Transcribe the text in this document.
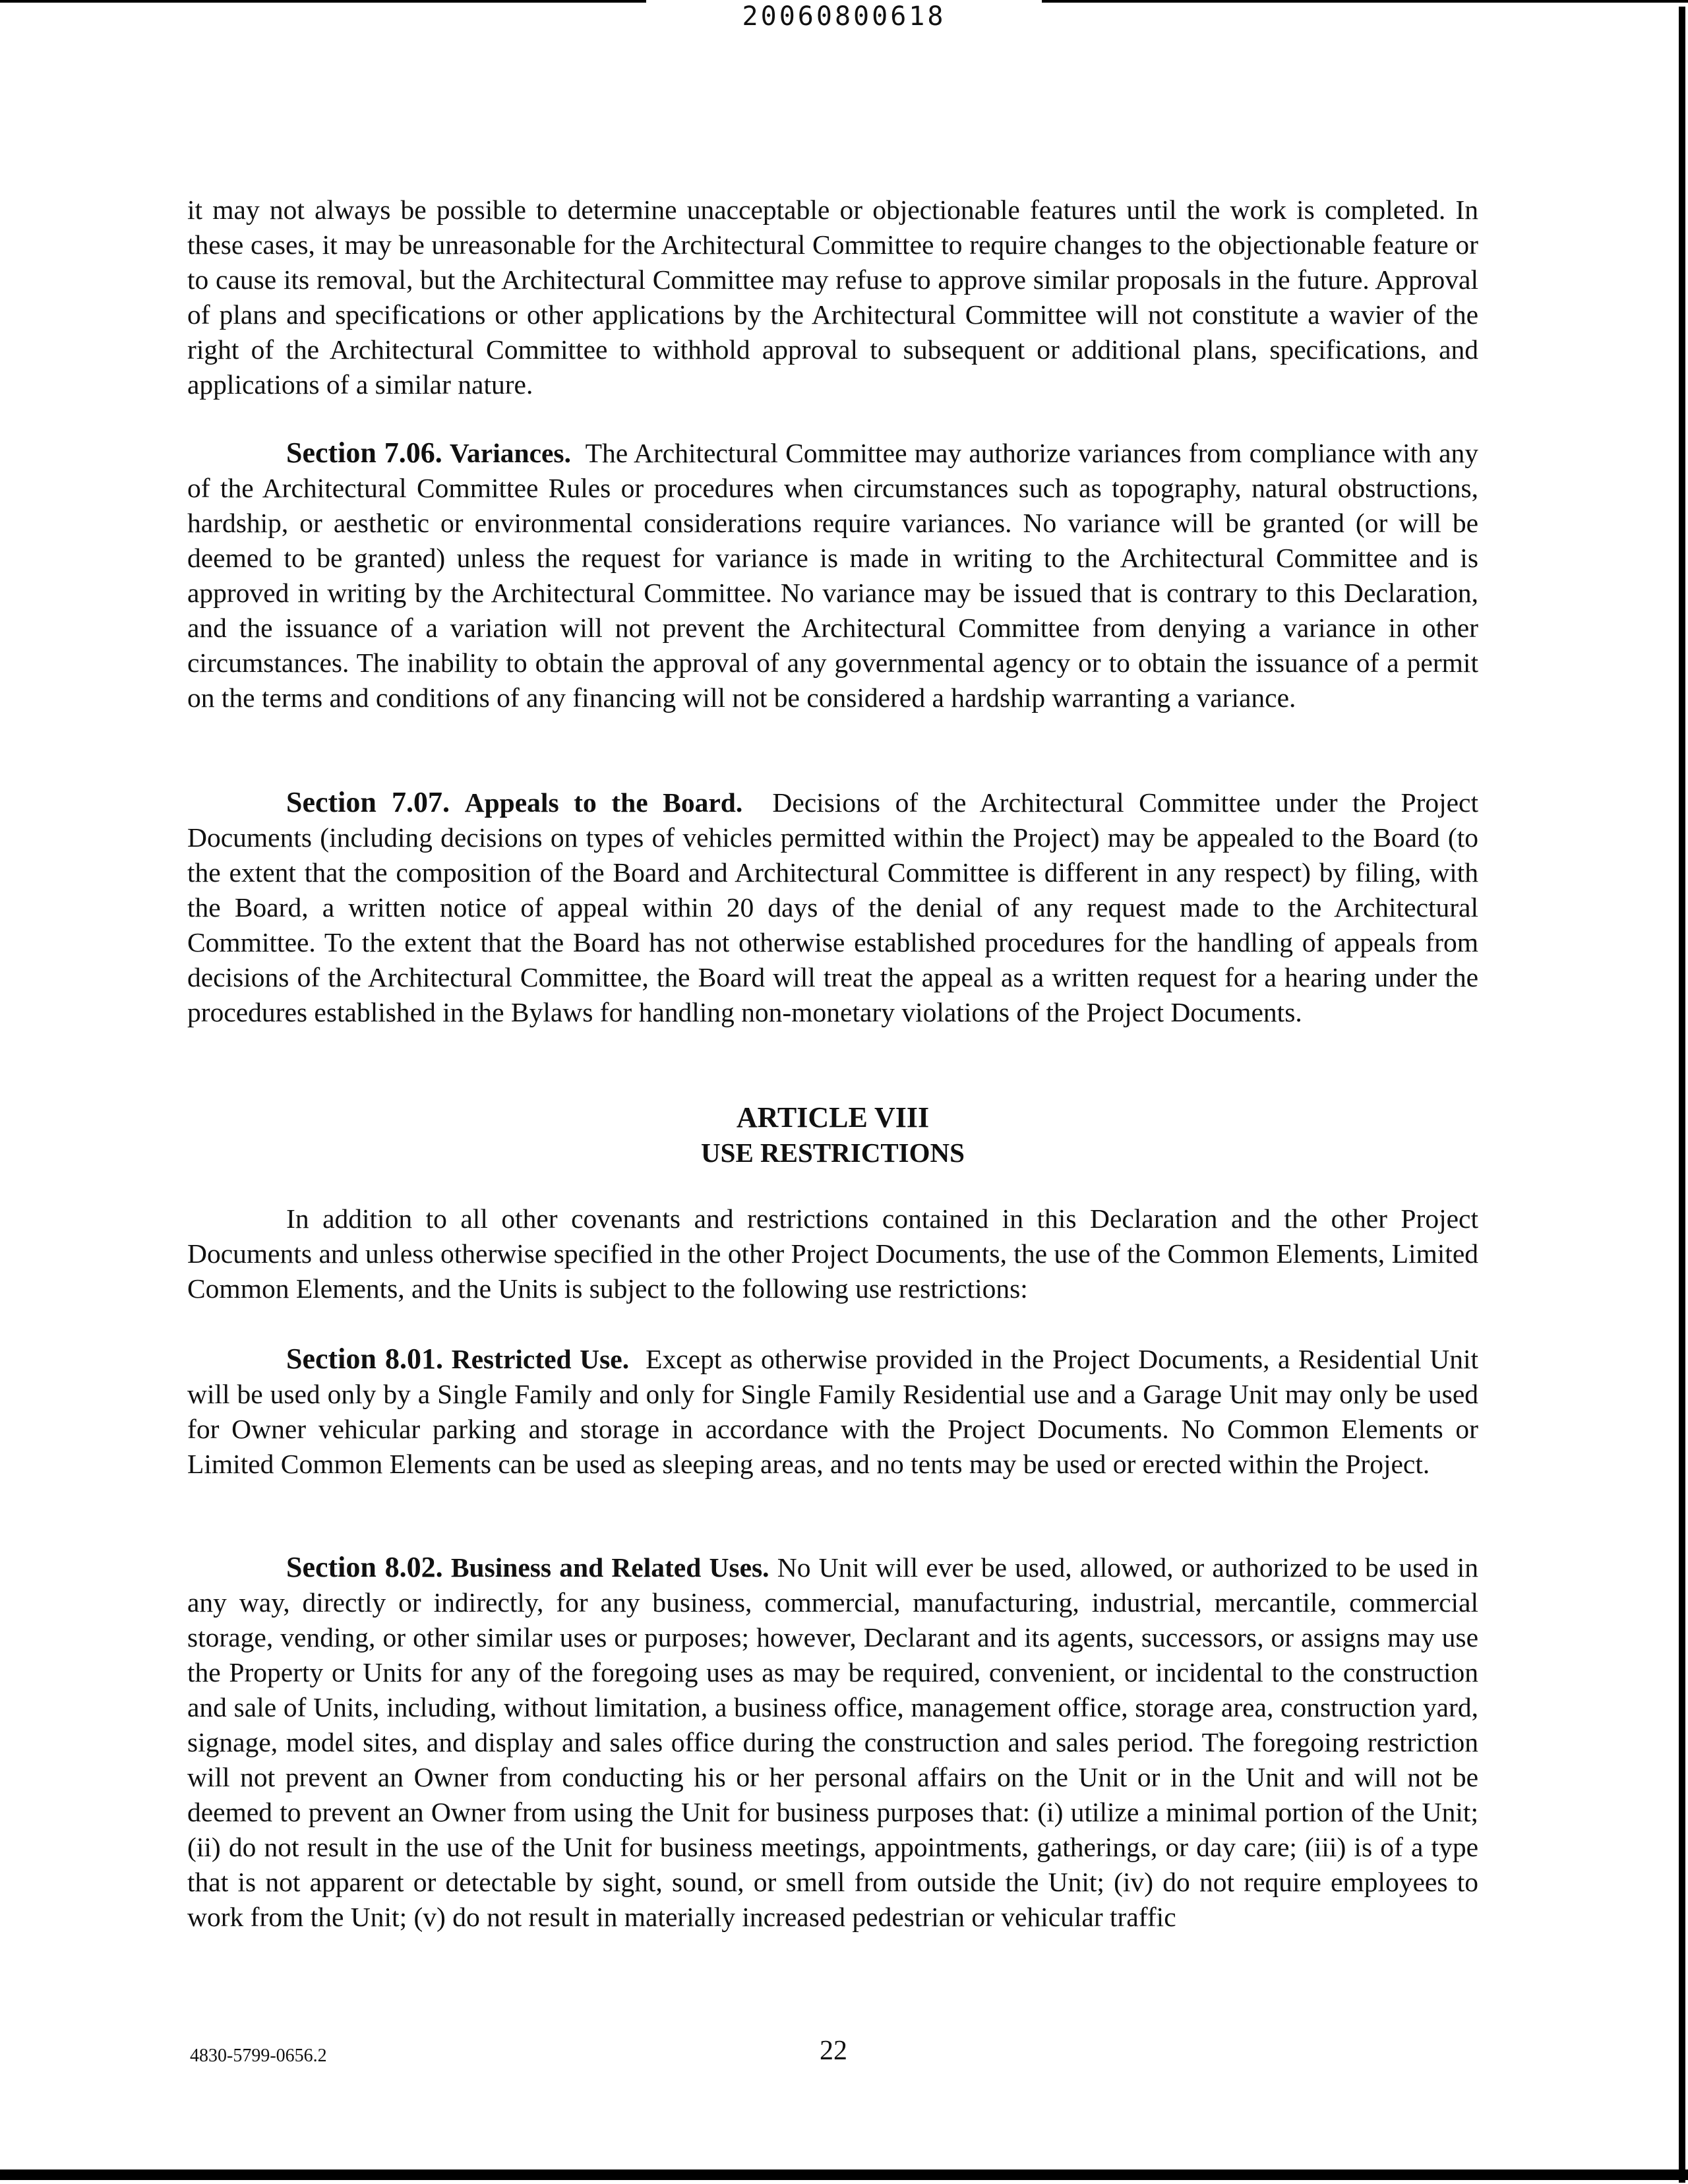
20060800618

it may not always be possible to determine unacceptable or objectionable features until the work is completed. In these cases, it may be unreasonable for the Architectural Committee to require changes to the objectionable feature or to cause its removal, but the Architectural Committee may refuse to approve similar proposals in the future. Approval of plans and specifications or other applications by the Architectural Committee will not constitute a wavier of the right of the Architectural Committee to withhold approval to subsequent or additional plans, specifications, and applications of a similar nature.

Section 7.06. Variances. The Architectural Committee may authorize variances from compliance with any of the Architectural Committee Rules or procedures when circumstances such as topography, natural obstructions, hardship, or aesthetic or environmental considerations require variances. No variance will be granted (or will be deemed to be granted) unless the request for variance is made in writing to the Architectural Committee and is approved in writing by the Architectural Committee. No variance may be issued that is contrary to this Declaration, and the issuance of a variation will not prevent the Architectural Committee from denying a variance in other circumstances. The inability to obtain the approval of any governmental agency or to obtain the issuance of a permit on the terms and conditions of any financing will not be considered a hardship warranting a variance.

Section 7.07. Appeals to the Board. Decisions of the Architectural Committee under the Project Documents (including decisions on types of vehicles permitted within the Project) may be appealed to the Board (to the extent that the composition of the Board and Architectural Committee is different in any respect) by filing, with the Board, a written notice of appeal within 20 days of the denial of any request made to the Architectural Committee. To the extent that the Board has not otherwise established procedures for the handling of appeals from decisions of the Architectural Committee, the Board will treat the appeal as a written request for a hearing under the procedures established in the Bylaws for handling non-monetary violations of the Project Documents.

ARTICLE VIII
USE RESTRICTIONS

In addition to all other covenants and restrictions contained in this Declaration and the other Project Documents and unless otherwise specified in the other Project Documents, the use of the Common Elements, Limited Common Elements, and the Units is subject to the following use restrictions:

Section 8.01. Restricted Use. Except as otherwise provided in the Project Documents, a Residential Unit will be used only by a Single Family and only for Single Family Residential use and a Garage Unit may only be used for Owner vehicular parking and storage in accordance with the Project Documents. No Common Elements or Limited Common Elements can be used as sleeping areas, and no tents may be used or erected within the Project.

Section 8.02. Business and Related Uses. No Unit will ever be used, allowed, or authorized to be used in any way, directly or indirectly, for any business, commercial, manufacturing, industrial, mercantile, commercial storage, vending, or other similar uses or purposes; however, Declarant and its agents, successors, or assigns may use the Property or Units for any of the foregoing uses as may be required, convenient, or incidental to the construction and sale of Units, including, without limitation, a business office, management office, storage area, construction yard, signage, model sites, and display and sales office during the construction and sales period. The foregoing restriction will not prevent an Owner from conducting his or her personal affairs on the Unit or in the Unit and will not be deemed to prevent an Owner from using the Unit for business purposes that: (i) utilize a minimal portion of the Unit; (ii) do not result in the use of the Unit for business meetings, appointments, gatherings, or day care; (iii) is of a type that is not apparent or detectable by sight, sound, or smell from outside the Unit; (iv) do not require employees to work from the Unit; (v) do not result in materially increased pedestrian or vehicular traffic

4830-5799-0656.2	22
